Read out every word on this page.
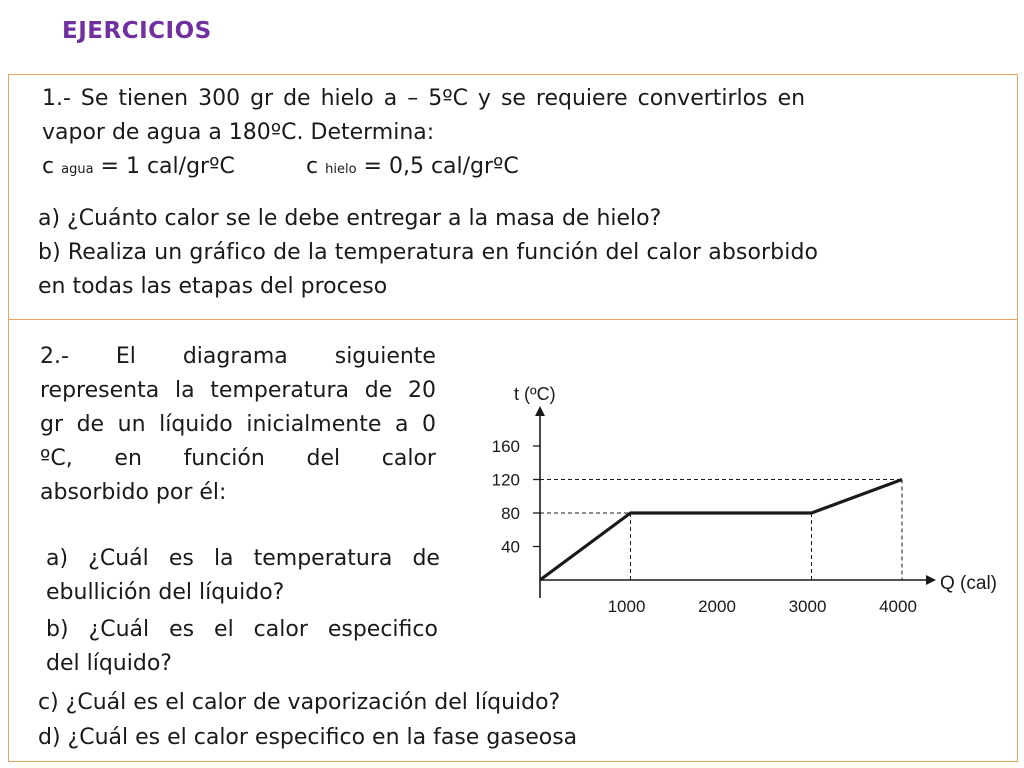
EJERCICIOS
1.- Se tienen 300 gr de hielo a – 5ºC y se requiere convertirlos en
vapor de agua a 180ºC. Determina:
c agua = 1 cal/grºC	c hielo = 0,5 cal/grºC
a) ¿Cuánto calor se le debe entregar a la masa de hielo?
b) Realiza un gráfico de la temperatura en función del calor absorbido
en todas las etapas del proceso
2.- El diagrama siguiente
representa la temperatura de 20
gr de un líquido inicialmente a 0
ºC, en función del calor
absorbido por él:
a) ¿Cuál es la temperatura de
ebullición del líquido?
b) ¿Cuál es el calor especifico
del líquido?
c) ¿Cuál es el calor de vaporización del líquido?
d) ¿Cuál es el calor especifico en la fase gaseosa
40
80
120
160
1000	2000	3000	4000
t (ºC)
Q (cal)
